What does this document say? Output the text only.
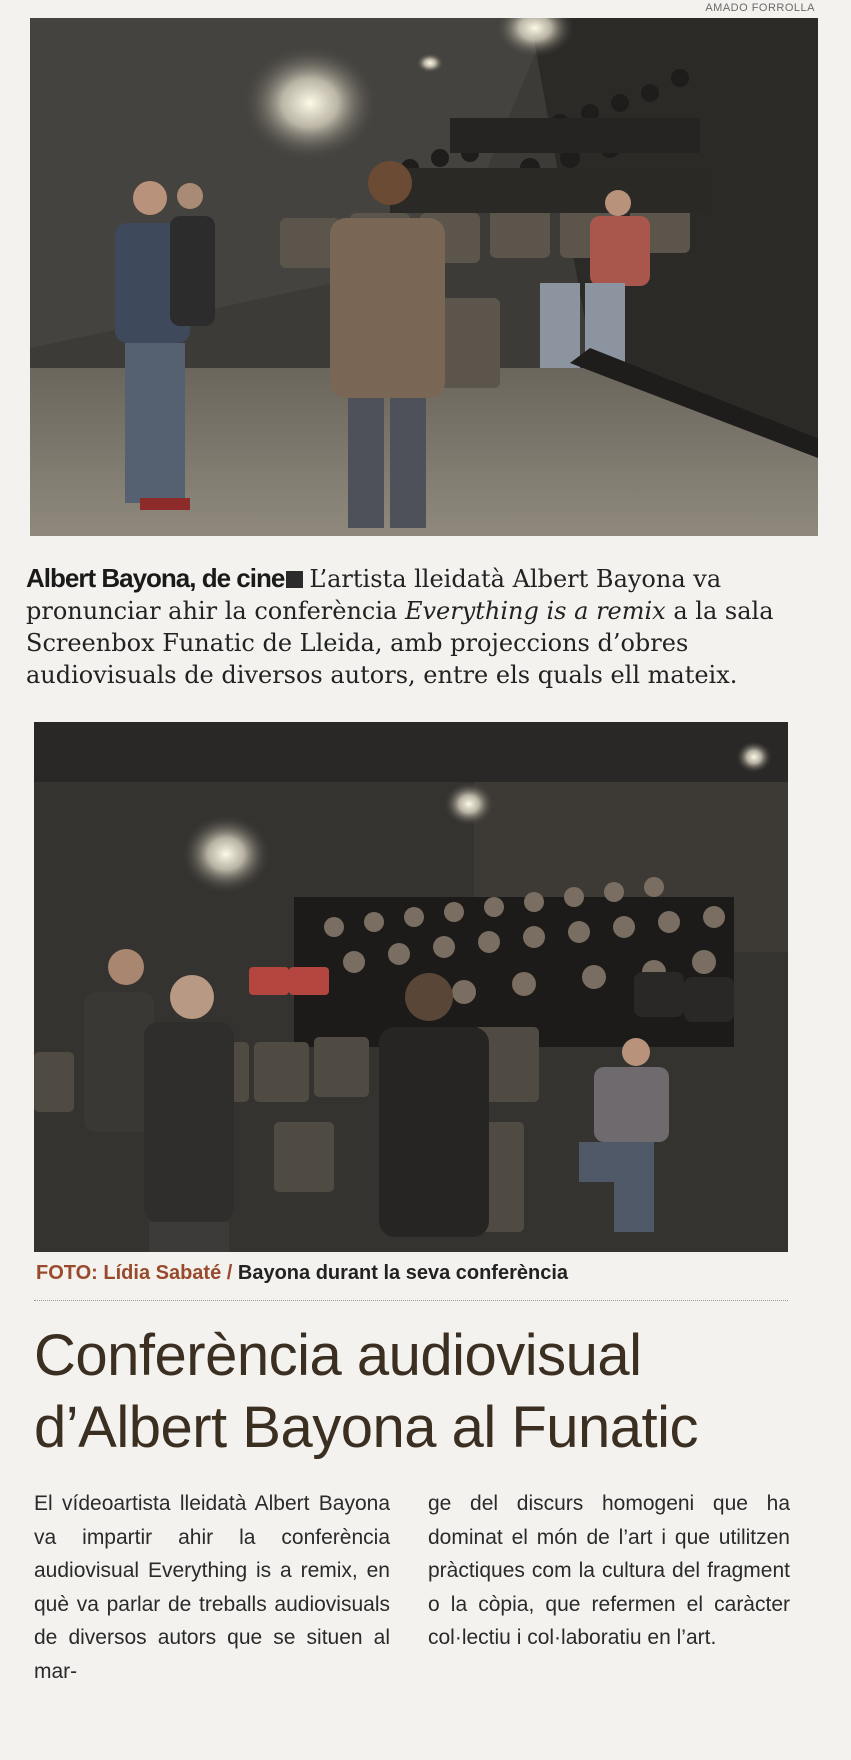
AMADO FORROLLA
Albert Bayona, de cine L’artista lleidatà Albert Bayona va pronunciar ahir la conferència Everything is a remix a la sala Screenbox Funatic de Lleida, amb projeccions d’obres audiovisuals de diversos autors, entre els quals ell mateix.
FOTO: Lídia Sabaté / Bayona durant la seva conferència
Conferència audiovisual d’Albert Bayona al Funatic

El vídeoartista lleidatà Albert Bayona va impartir ahir la conferència audiovisual Everything is a remix, en què va parlar de treballs audiovisuals de diversos autors que se situen al mar-

ge del discurs homogeni que ha dominat el món de l’art i que utilitzen pràctiques com la cultura del fragment o la còpia, que refermen el caràcter col·lectiu i col·laboratiu en l’art.
